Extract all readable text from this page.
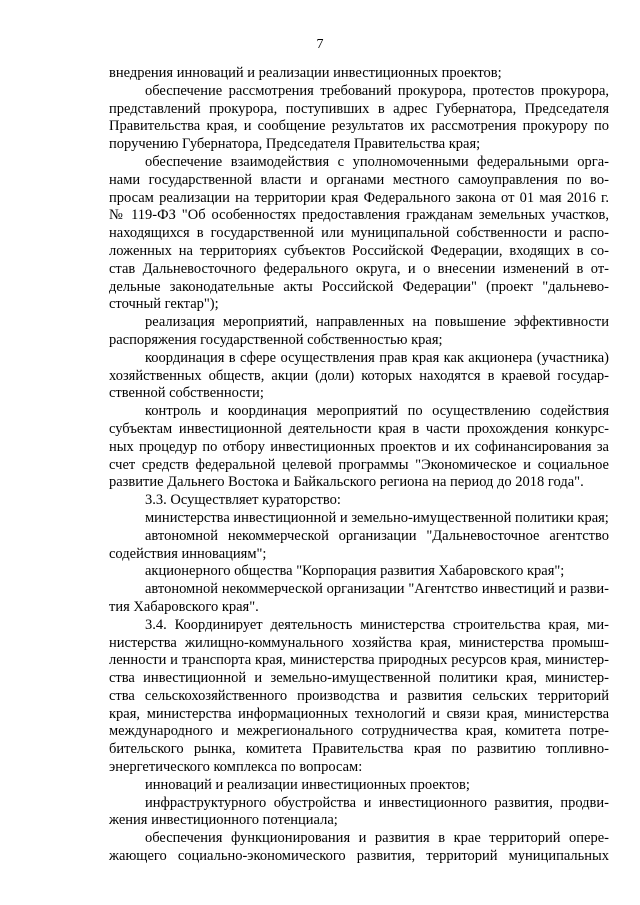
7
внедрения инноваций и реализации инвестиционных проектов;
обеспечение рассмотрения требований прокурора, протестов прокурора,
представлений прокурора, поступивших в адрес Губернатора, Председателя
Правительства края, и сообщение результатов их рассмотрения прокурору по
поручению Губернатора, Председателя Правительства края;
обеспечение взаимодействия с уполномоченными федеральными орга-
нами государственной власти и органами местного самоуправления по во-
просам реализации на территории края Федерального закона от 01 мая 2016 г.
№ 119-ФЗ "Об особенностях предоставления гражданам земельных участков,
находящихся в государственной или муниципальной собственности и распо-
ложенных на территориях субъектов Российской Федерации, входящих в со-
став Дальневосточного федерального округа, и о внесении изменений в от-
дельные законодательные акты Российской Федерации" (проект "дальнево-
сточный гектар");
реализация мероприятий, направленных на повышение эффективности
распоряжения государственной собственностью края;
координация в сфере осуществления прав края как акционера (участника)
хозяйственных обществ, акции (доли) которых находятся в краевой государ-
ственной собственности;
контроль и координация мероприятий по осуществлению содействия
субъектам инвестиционной деятельности края в части прохождения конкурс-
ных процедур по отбору инвестиционных проектов и их софинансирования за
счет средств федеральной целевой программы "Экономическое и социальное
развитие Дальнего Востока и Байкальского региона на период до 2018 года".
3.3. Осуществляет кураторство:
министерства инвестиционной и земельно-имущественной политики края;
автономной некоммерческой организации "Дальневосточное агентство
содействия инновациям";
акционерного общества "Корпорация развития Хабаровского края";
автономной некоммерческой организации "Агентство инвестиций и разви-
тия Хабаровского края".
3.4. Координирует деятельность министерства строительства края, ми-
нистерства жилищно-коммунального хозяйства края, министерства промыш-
ленности и транспорта края, министерства природных ресурсов края, министер-
ства инвестиционной и земельно-имущественной политики края, министер-
ства сельскохозяйственного производства и развития сельских территорий
края, министерства информационных технологий и связи края, министерства
международного и межрегионального сотрудничества края, комитета потре-
бительского рынка, комитета Правительства края по развитию топливно-
энергетического комплекса по вопросам:
инноваций и реализации инвестиционных проектов;
инфраструктурного обустройства и инвестиционного развития, продви-
жения инвестиционного потенциала;
обеспечения функционирования и развития в крае территорий опере-
жающего социально-экономического развития, территорий муниципальных
